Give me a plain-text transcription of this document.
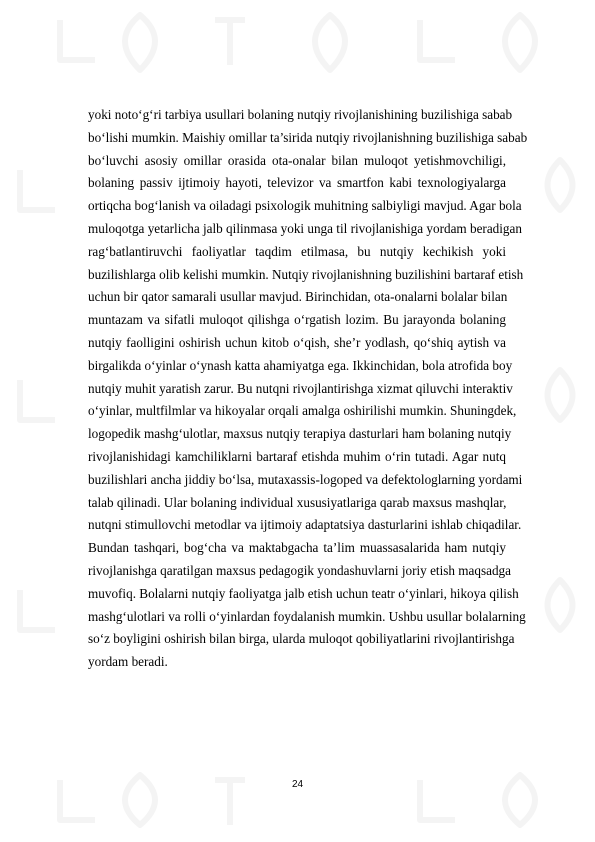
yoki noto‘g‘ri tarbiya usullari bolaning nutqiy rivojlanishining buzilishiga sabab
bo‘lishi mumkin. Maishiy omillar ta’sirida nutqiy rivojlanishning buzilishiga sabab
bo‘luvchi asosiy omillar orasida ota-onalar bilan muloqot yetishmovchiligi,
bolaning passiv ijtimoiy hayoti, televizor va smartfon kabi texnologiyalarga
ortiqcha bog‘lanish va oiladagi psixologik muhitning salbiyligi mavjud. Agar bola
muloqotga yetarlicha jalb qilinmasa yoki unga til rivojlanishiga yordam beradigan
rag‘batlantiruvchi faoliyatlar taqdim etilmasa, bu nutqiy kechikish yoki
buzilishlarga olib kelishi mumkin. Nutqiy rivojlanishning buzilishini bartaraf etish
uchun bir qator samarali usullar mavjud. Birinchidan, ota-onalarni bolalar bilan
muntazam va sifatli muloqot qilishga o‘rgatish lozim. Bu jarayonda bolaning
nutqiy faolligini oshirish uchun kitob o‘qish, she’r yodlash, qo‘shiq aytish va
birgalikda o‘yinlar o‘ynash katta ahamiyatga ega. Ikkinchidan, bola atrofida boy
nutqiy muhit yaratish zarur. Bu nutqni rivojlantirishga xizmat qiluvchi interaktiv
o‘yinlar, multfilmlar va hikoyalar orqali amalga oshirilishi mumkin. Shuningdek,
logopedik mashg‘ulotlar, maxsus nutqiy terapiya dasturlari ham bolaning nutqiy
rivojlanishidagi kamchiliklarni bartaraf etishda muhim o‘rin tutadi. Agar nutq
buzilishlari ancha jiddiy bo‘lsa, mutaxassis-logoped va defektologlarning yordami
talab qilinadi. Ular bolaning individual xususiyatlariga qarab maxsus mashqlar,
nutqni stimullovchi metodlar va ijtimoiy adaptatsiya dasturlarini ishlab chiqadilar.
Bundan tashqari, bog‘cha va maktabgacha ta’lim muassasalarida ham nutqiy
rivojlanishga qaratilgan maxsus pedagogik yondashuvlarni joriy etish maqsadga
muvofiq. Bolalarni nutqiy faoliyatga jalb etish uchun teatr o‘yinlari, hikoya qilish
mashg‘ulotlari va rolli o‘yinlardan foydalanish mumkin. Ushbu usullar bolalarning
so‘z boyligini oshirish bilan birga, ularda muloqot qobiliyatlarini rivojlantirishga
yordam beradi.
24
